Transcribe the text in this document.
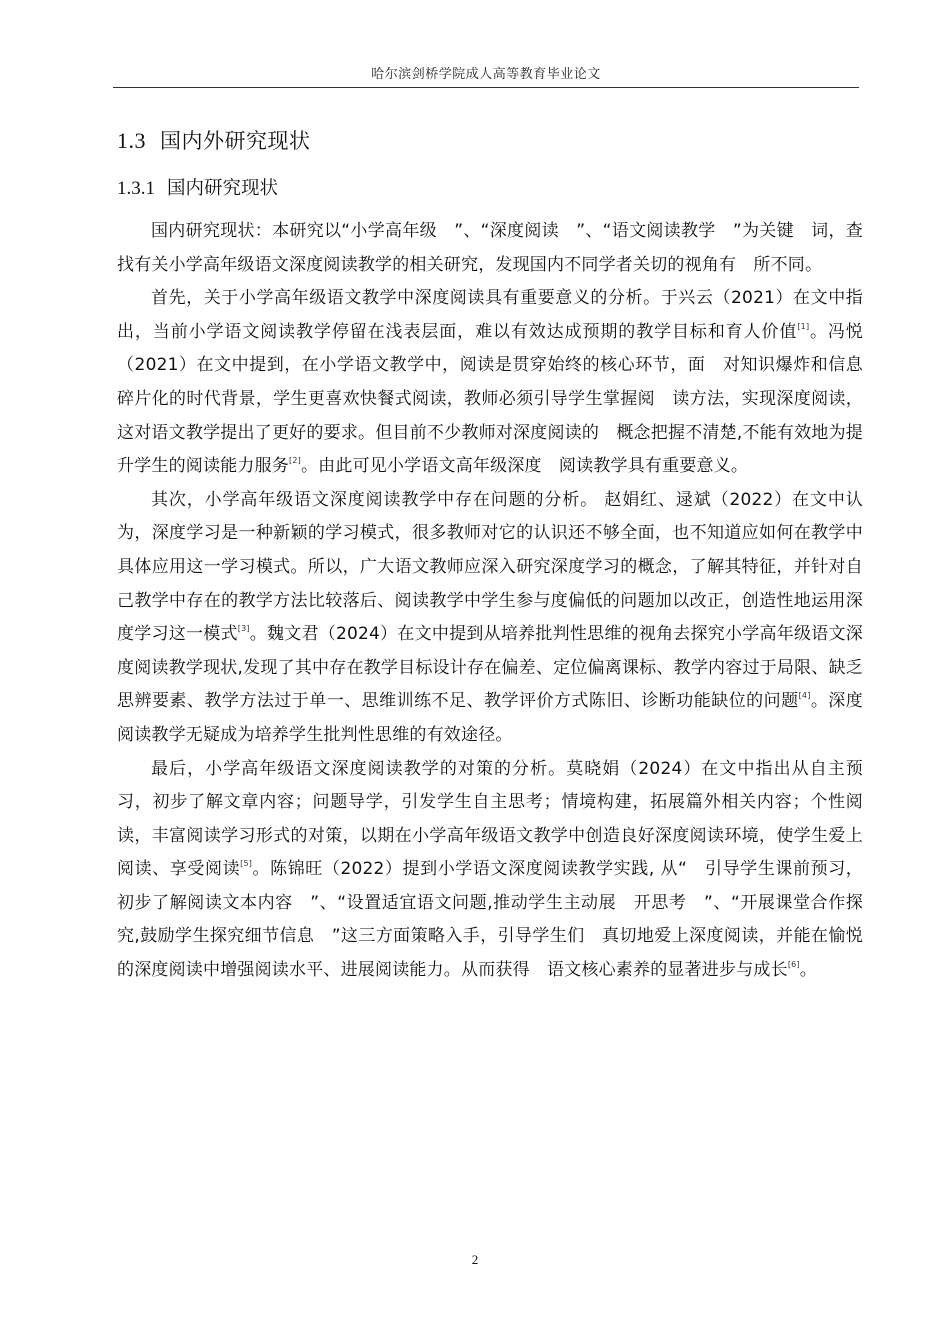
哈尔滨剑桥学院成人高等教育毕业论文
1.3 国内外研究现状
1.3.1 国内研究现状

国内研究现状：本研究以“小学高年级　”、“深度阅读　”、“语文阅读教学　”为关键　词，查找有关小学高年级语文深度阅读教学的相关研究，发现国内不同学者关切的视角有　所不同。

首先，关于小学高年级语文教学中深度阅读具有重要意义的分析。于兴云（2021）在文中指出，当前小学语文阅读教学停留在浅表层面，难以有效达成预期的教学目标和育人价值[1]。冯悦（2021）在文中提到，在小学语文教学中，阅读是贯穿始终的核心环节，面　对知识爆炸和信息碎片化的时代背景，学生更喜欢快餐式阅读，教师必须引导学生掌握阅　读方法，实现深度阅读，这对语文教学提出了更好的要求。但目前不少教师对深度阅读的　概念把握不清楚,不能有效地为提升学生的阅读能力服务[2]。由此可见小学语文高年级深度　阅读教学具有重要意义。

其次，小学高年级语文深度阅读教学中存在问题的分析。 赵娟红、逯斌（2022）在文中认为，深度学习是一种新颖的学习模式，很多教师对它的认识还不够全面，也不知道应如何在教学中具体应用这一学习模式。所以，广大语文教师应深入研究深度学习的概念，了解其特征，并针对自己教学中存在的教学方法比较落后、阅读教学中学生参与度偏低的问题加以改正，创造性地运用深度学习这一模式[3]。魏文君（2024）在文中提到从培养批判性思维的视角去探究小学高年级语文深度阅读教学现状,发现了其中存在教学目标设计存在偏差、定位偏离课标、教学内容过于局限、缺乏思辨要素、教学方法过于单一、思维训练不足、教学评价方式陈旧、诊断功能缺位的问题[4]。深度阅读教学无疑成为培养学生批判性思维的有效途径。

最后，小学高年级语文深度阅读教学的对策的分析。莫晓娟（2024）在文中指出从自主预习，初步了解文章内容；问题导学，引发学生自主思考；情境构建，拓展篇外相关内容；个性阅读，丰富阅读学习形式的对策，以期在小学高年级语文教学中创造良好深度阅读环境，使学生爱上阅读、享受阅读[5]。陈锦旺（2022）提到小学语文深度阅读教学实践, 从“　引导学生课前预习，初步了解阅读文本内容　”、“设置适宜语文问题,推动学生主动展　开思考　”、“开展课堂合作探究,鼓励学生探究细节信息　”这三方面策略入手，引导学生们　真切地爱上深度阅读，并能在愉悦的深度阅读中增强阅读水平、进展阅读能力。从而获得　语文核心素养的显著进步与成长[6]。

2
